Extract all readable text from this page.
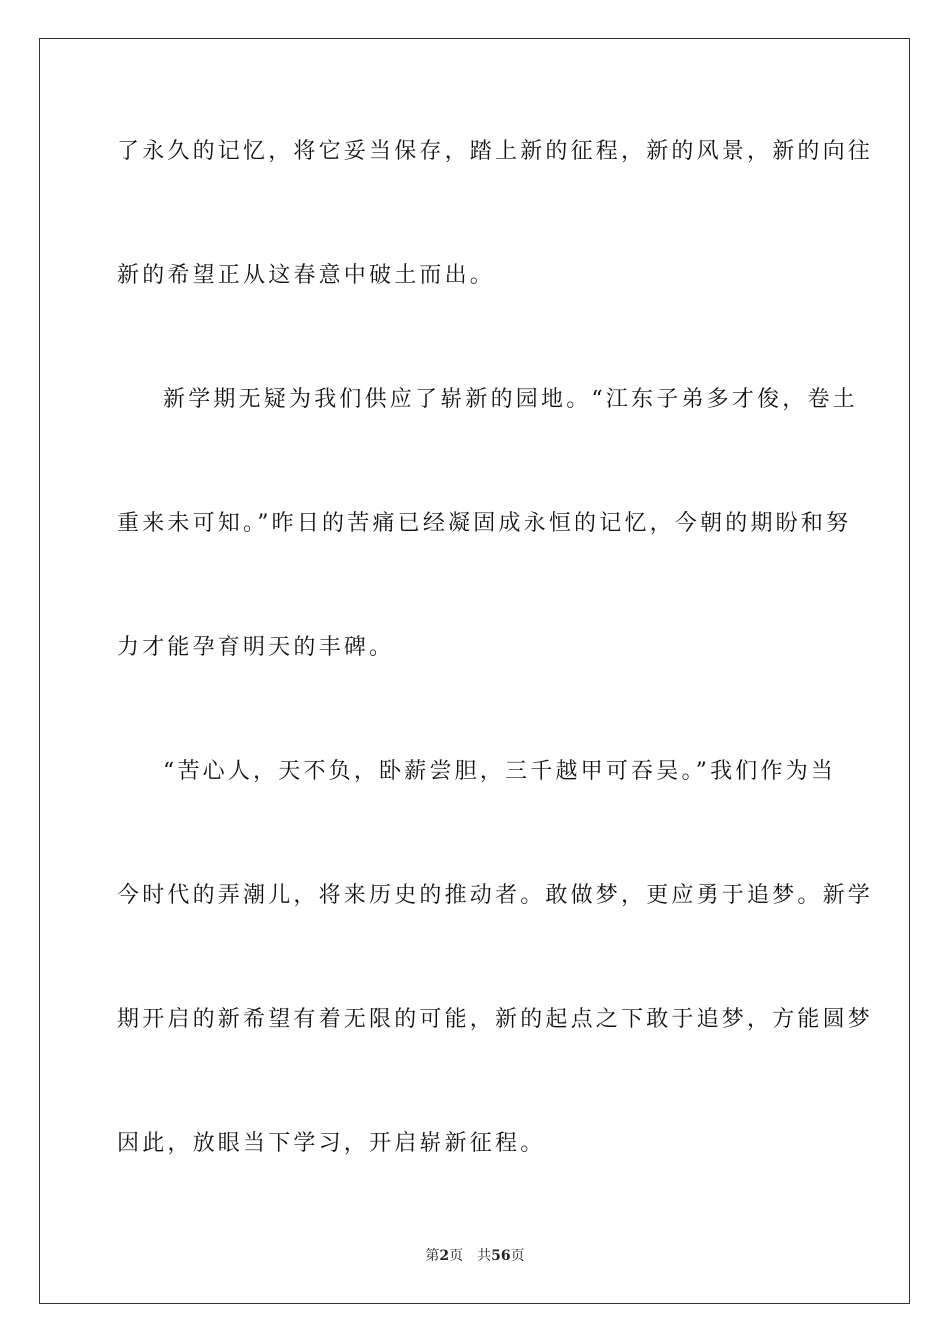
了永久的记忆，将它妥当保存，踏上新的征程，新的风景，新的向往
新的希望正从这春意中破土而出。
新学期无疑为我们供应了崭新的园地。“江东子弟多才俊，卷土
重来未可知。”昨日的苦痛已经凝固成永恒的记忆，今朝的期盼和努
力才能孕育明天的丰碑。
“苦心人，天不负，卧薪尝胆，三千越甲可吞吴。”我们作为当
今时代的弄潮儿，将来历史的推动者。敢做梦，更应勇于追梦。新学
期开启的新希望有着无限的可能，新的起点之下敢于追梦，方能圆梦
因此，放眼当下学习，开启崭新征程。
第2页 共56页
